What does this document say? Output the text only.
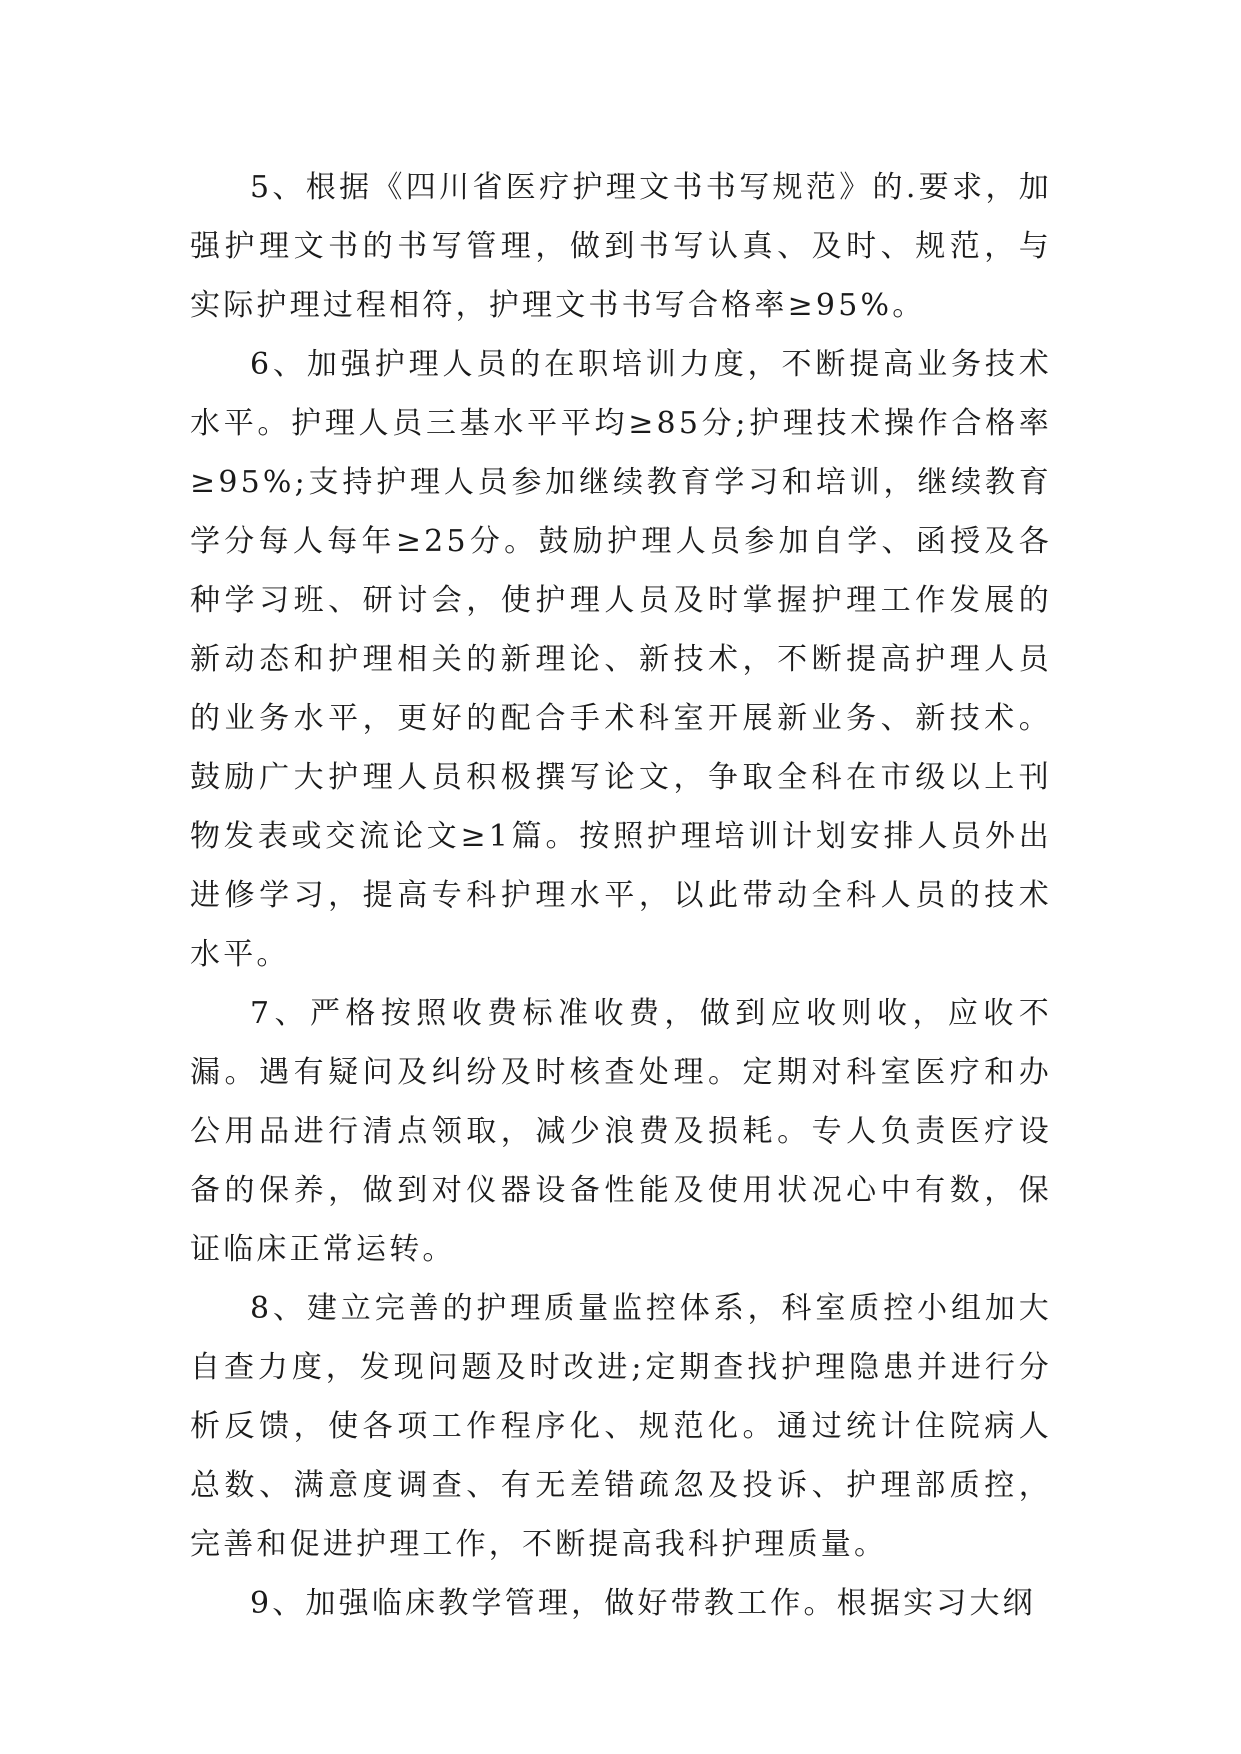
5、根据《四川省医疗护理文书书写规范》的.要求，加强护理文书的书写管理，做到书写认真、及时、规范，与实际护理过程相符，护理文书书写合格率≥95%。

6、加强护理人员的在职培训力度，不断提高业务技术水平。护理人员三基水平平均≥85分;护理技术操作合格率≥95%;支持护理人员参加继续教育学习和培训，继续教育学分每人每年≥25分。鼓励护理人员参加自学、函授及各种学习班、研讨会，使护理人员及时掌握护理工作发展的新动态和护理相关的新理论、新技术，不断提高护理人员的业务水平，更好的配合手术科室开展新业务、新技术。鼓励广大护理人员积极撰写论文，争取全科在市级以上刊物发表或交流论文≥1篇。按照护理培训计划安排人员外出进修学习，提高专科护理水平，以此带动全科人员的技术水平。

7、严格按照收费标准收费，做到应收则收，应收不漏。遇有疑问及纠纷及时核查处理。定期对科室医疗和办公用品进行清点领取，减少浪费及损耗。专人负责医疗设备的保养，做到对仪器设备性能及使用状况心中有数，保证临床正常运转。

8、建立完善的护理质量监控体系，科室质控小组加大自查力度，发现问题及时改进;定期查找护理隐患并进行分析反馈，使各项工作程序化、规范化。通过统计住院病人总数、满意度调查、有无差错疏忽及投诉、护理部质控，完善和促进护理工作，不断提高我科护理质量。

9、加强临床教学管理，做好带教工作。根据实习大纲
